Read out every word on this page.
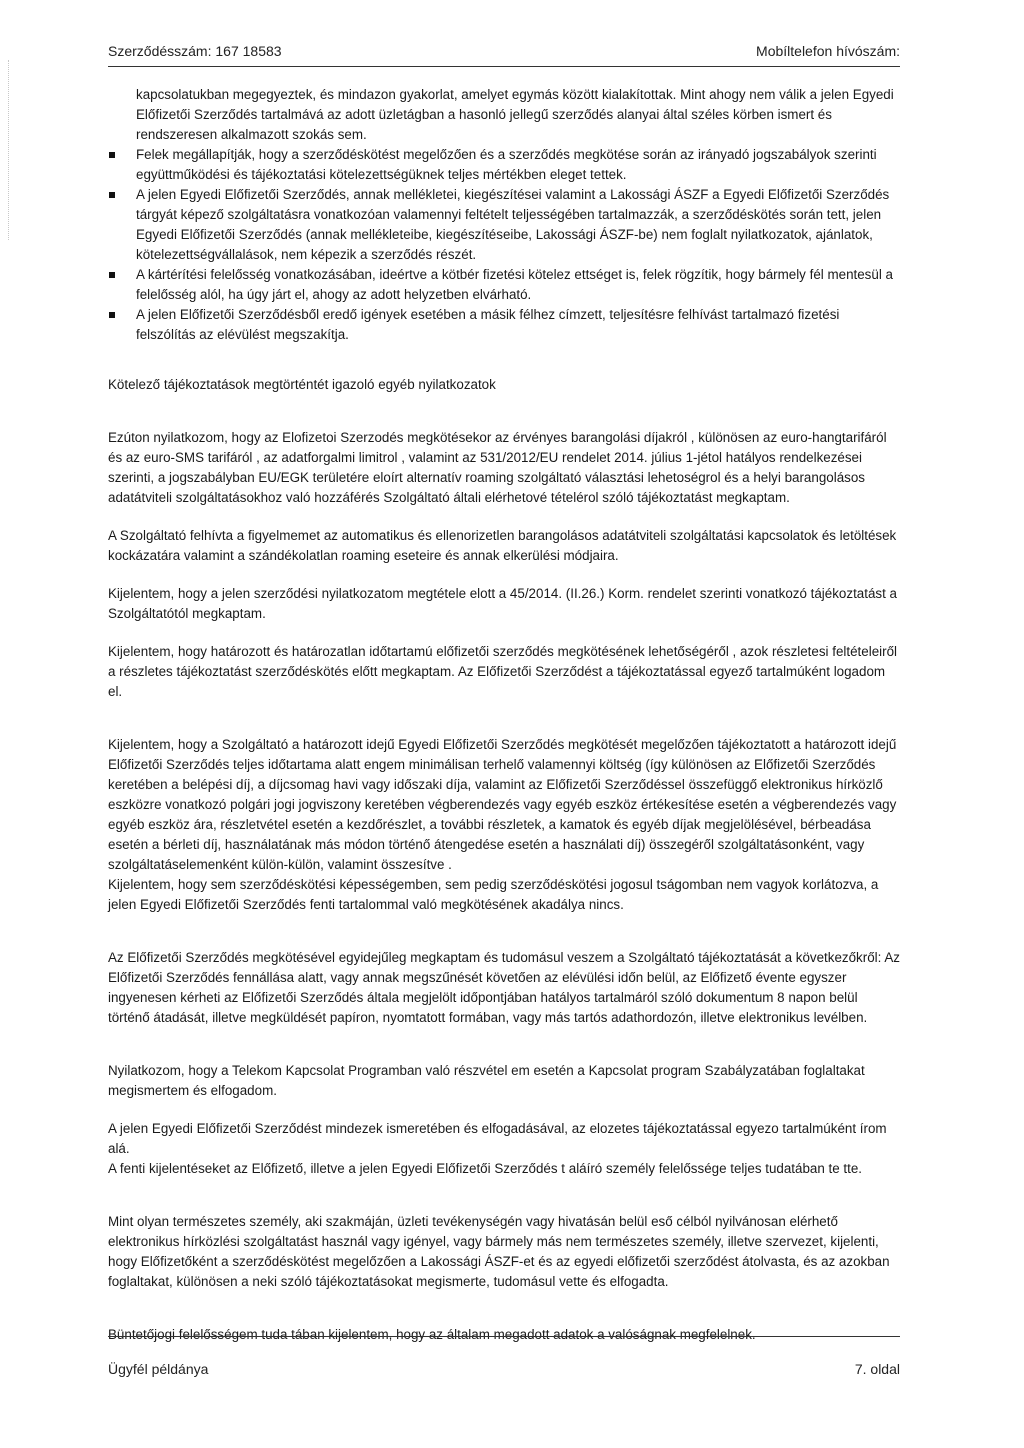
Szerződésszám: 167 18583	Mobíltelefon hívószám:

kapcsolatukban megegyeztek, és mindazon gyakorlat, amelyet egymás között kialakítottak. Mint ahogy nem válik a jelen Egyedi Előfizetői Szerződés tartalmává az adott üzletágban a hasonló jellegű szerződés alanyai által széles körben ismert és rendszeresen alkalmazott szokás sem.

Felek megállapítják, hogy a szerződéskötést megelőzően és a szerződés megkötése során az irányadó jogszabályok szerinti együttműködési és tájékoztatási kötelezettségüknek teljes mértékben eleget tettek.
A jelen Egyedi Előfizetői Szerződés, annak mellékletei, kiegészítései valamint a Lakossági ÁSZF a Egyedi Előfizetői Szerződés tárgyát képező szolgáltatásra vonatkozóan valamennyi feltételt teljességében tartalmazzák, a szerződéskötés során tett, jelen Egyedi Előfizetői Szerződés (annak mellékleteibe, kiegészítéseibe, Lakossági ÁSZF-be) nem foglalt nyilatkozatok, ajánlatok, kötelezettségvállalások, nem képezik a szerződés részét.
A kártérítési felelősség vonatkozásában, ideértve a kötbér fizetési kötelez ettséget is, felek rögzítik, hogy bármely fél mentesül a felelősség alól, ha úgy járt el, ahogy az adott helyzetben elvárható.
A jelen Előfizetői Szerződésből eredő igények esetében a másik félhez címzett, teljesítésre felhívást tartalmazó fizetési felszólítás az elévülést megszakítja.

Kötelező tájékoztatások megtörténtét igazoló egyéb nyilatkozatok

Ezúton nyilatkozom, hogy az Elofizetoi Szerzodés megkötésekor az érvényes barangolási díjakról , különösen az euro-hangtarifáról és az euro-SMS tarifáról , az adatforgalmi limitrol , valamint az 531/2012/EU rendelet 2014. július 1-jétol hatályos rendelkezései szerinti, a jogszabályban EU/EGK területére eloírt alternatív roaming szolgáltató választási lehetoségrol és a helyi barangolásos adatátviteli szolgáltatásokhoz való hozzáférés Szolgáltató általi elérhetové tételérol szóló tájékoztatást megkaptam.

A Szolgáltató felhívta a figyelmemet az automatikus és ellenorizetlen barangolásos adatátviteli szolgáltatási kapcsolatok és letöltések kockázatára valamint a szándékolatlan roaming eseteire és annak elkerülési módjaira.

Kijelentem, hogy a jelen szerződési nyilatkozatom megtétele elott a 45/2014. (II.26.) Korm. rendelet szerinti vonatkozó tájékoztatást a Szolgáltatótól megkaptam.

Kijelentem, hogy határozott és határozatlan időtartamú előfizetői szerződés megkötésének lehetőségéről , azok részletesi feltételeiről a részletes tájékoztatást szerződéskötés előtt megkaptam. Az Előfizetői Szerződést a tájékoztatással egyező tartalmúként logadom el.

Kijelentem, hogy a Szolgáltató a határozott idejű Egyedi Előfizetői Szerződés megkötését megelőzően tájékoztatott a határozott idejű Előfizetői Szerződés teljes időtartama alatt engem minimálisan terhelő valamennyi költség (így különösen az Előfizetői Szerződés keretében a belépési díj, a díjcsomag havi vagy időszaki díja, valamint az Előfizetői Szerződéssel összefüggő elektronikus hírközlő eszközre vonatkozó polgári jogi jogviszony keretében végberendezés vagy egyéb eszköz értékesítése esetén a végberendezés vagy egyéb eszköz ára, részletvétel esetén a kezdőrészlet, a további részletek, a kamatok és egyéb díjak megjelölésével, bérbeadása esetén a bérleti díj, használatának más módon történő átengedése esetén a használati díj) összegéről szolgáltatásonként, vagy szolgáltatáselemenként külön-külön, valamint összesítve .

Kijelentem, hogy sem szerződéskötési képességemben, sem pedig szerződéskötési jogosul tságomban nem vagyok korlátozva, a jelen Egyedi Előfizetői Szerződés fenti tartalommal való megkötésének akadálya nincs.

Az Előfizetői Szerződés megkötésével egyidejűleg megkaptam és tudomásul veszem a Szolgáltató tájékoztatását a következőkről: Az Előfizetői Szerződés fennállása alatt, vagy annak megszűnését követően az elévülési időn belül, az Előfizető évente egyszer ingyenesen kérheti az Előfizetői Szerződés általa megjelölt időpontjában hatályos tartalmáról szóló dokumentum 8 napon belül történő átadását, illetve megküldését papíron, nyomtatott formában, vagy más tartós adathordozón, illetve elektronikus levélben.

Nyilatkozom, hogy a Telekom Kapcsolat Programban való részvétel em esetén a Kapcsolat program Szabályzatában foglaltakat megismertem és elfogadom.

A jelen Egyedi Előfizetői Szerződést mindezek ismeretében és elfogadásával, az elozetes tájékoztatással egyezo tartalmúként írom alá.

A fenti kijelentéseket az Előfizető, illetve a jelen Egyedi Előfizetői Szerződés t aláíró személy felelőssége teljes tudatában te tte.

Mint olyan természetes személy, aki szakmáján, üzleti tevékenységén vagy hivatásán belül eső célból nyilvánosan elérhető elektronikus hírközlési szolgáltatást használ vagy igényel, vagy bármely más nem természetes személy, illetve szervezet, kijelenti, hogy Előfizetőként a szerződéskötést megelőzően a Lakossági ÁSZF-et és az egyedi előfizetői szerződést átolvasta, és az azokban foglaltakat, különösen a neki szóló tájékoztatásokat megismerte, tudomásul vette és elfogadta.

Büntetőjogi felelősségem tuda tában kijelentem, hogy az általam megadott adatok a valóságnak megfelelnek.

Ügyfél példánya	7. oldal
